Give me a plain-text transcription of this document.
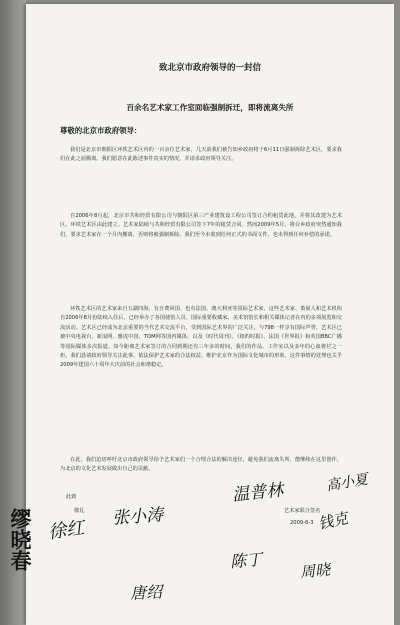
致北京市政府领导的一封信
百余名艺术家工作室面临强制拆迁，即将流离失所
尊敬的北京市政府领导：

我们是北京市朝阳区环铁艺术区内的一百余位艺术家，几天前我们被告知乡政府将于6月11日强制拆除艺术区，要求我们在此之前搬离。我们愿意在此陈述事件真实的情况，并请求政府领导关注。

自2006年8月起，北京市共和经贸有限公司与朝阳区第三产业建筑设工程公司签订合约租赁此地，并将其改建为艺术区。环铁艺术区由此建立。艺术家陆续与共和经贸有限公司签下7年的租赁合同。然而2009年5月，将台乡政府突然通知我们，要求艺术家在一个月内搬离，否则将被强制拆除。我们至今未收到任何正式的书面文件，也未得到任何补偿的承诺。

环铁艺术区的艺术家来自五湖四海，有自费回国、也有法国、澳大利亚等国际艺术家，这些艺术家、策展人和艺术机构自2006年8月份陆续入住后，已经举办了各国使馆人员、国际重要收藏家、美术馆馆长和相关媒体记者在内的多项展览和交流活动。艺术区已经成为北京重要的当代艺术交流平台，受到国际艺术界的广泛关注，与798一样享有国际声誉。艺术区已被中央电视台、新浪网、雅虎中国、TOM网等国内媒体，以及《时代周刊》、《纽约时报》、法国《世界报》和英国BBC广播等国际媒体多次报道。如今距离艺术家签订的合同到期还有三年多的时间，我们的作品、工作室以及多年的心血将付之一炬。我们恳请政府领导关注此事，依法保护艺术家的合法权益，维护北京作为国际文化城市的形象，这件事情的处理也关乎2009年建国六十周年大庆前的社会和谐稳定。

在此，我们迫切呼吁北京市政府领导给予艺术家们一个合理合法的解决途径，避免我们流离失所，能继续在这里创作，为北京的文化艺术发展做出自己的贡献。

此致
敬礼	艺术家联合签名
2009-6-3
缪晓春 徐红
张小涛
温普林
陈丁
高小夏
钱克
唐绍
周晓
